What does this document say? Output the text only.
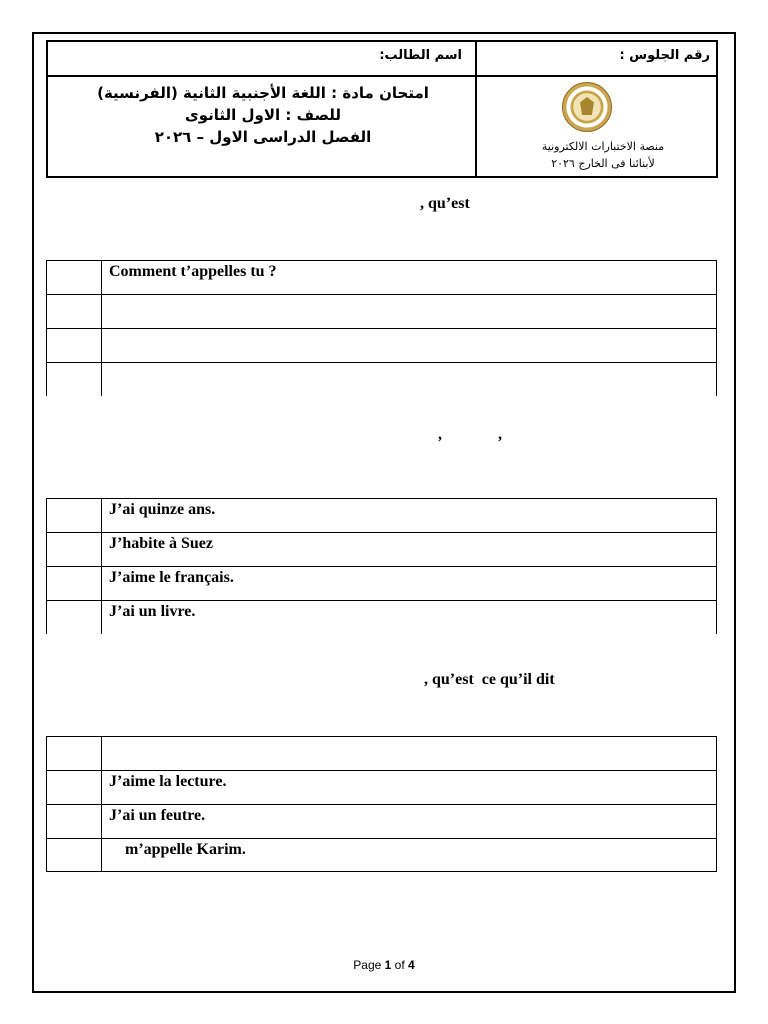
اسم الطالب:	رقم الجلوس :
امتحان مادة : اللغة الأجنبية الثانية (الفرنسية)
للصف : الاول الثانوى
الفصل الدراسى الاول – ٢٠٢٦
منصة الاختبارات الالكترونية
لأبنائنا فى الخارج ٢٠٢٦
, qu’est
Comment t’appelles tu ?
,              ,
J’ai quinze ans.
J’habite à Suez
J’aime le français.
J’ai un livre.
, qu’est  ce qu’il dit
J’aime la lecture.
J’ai un feutre.
m’appelle Karim.
Page 1 of 4
